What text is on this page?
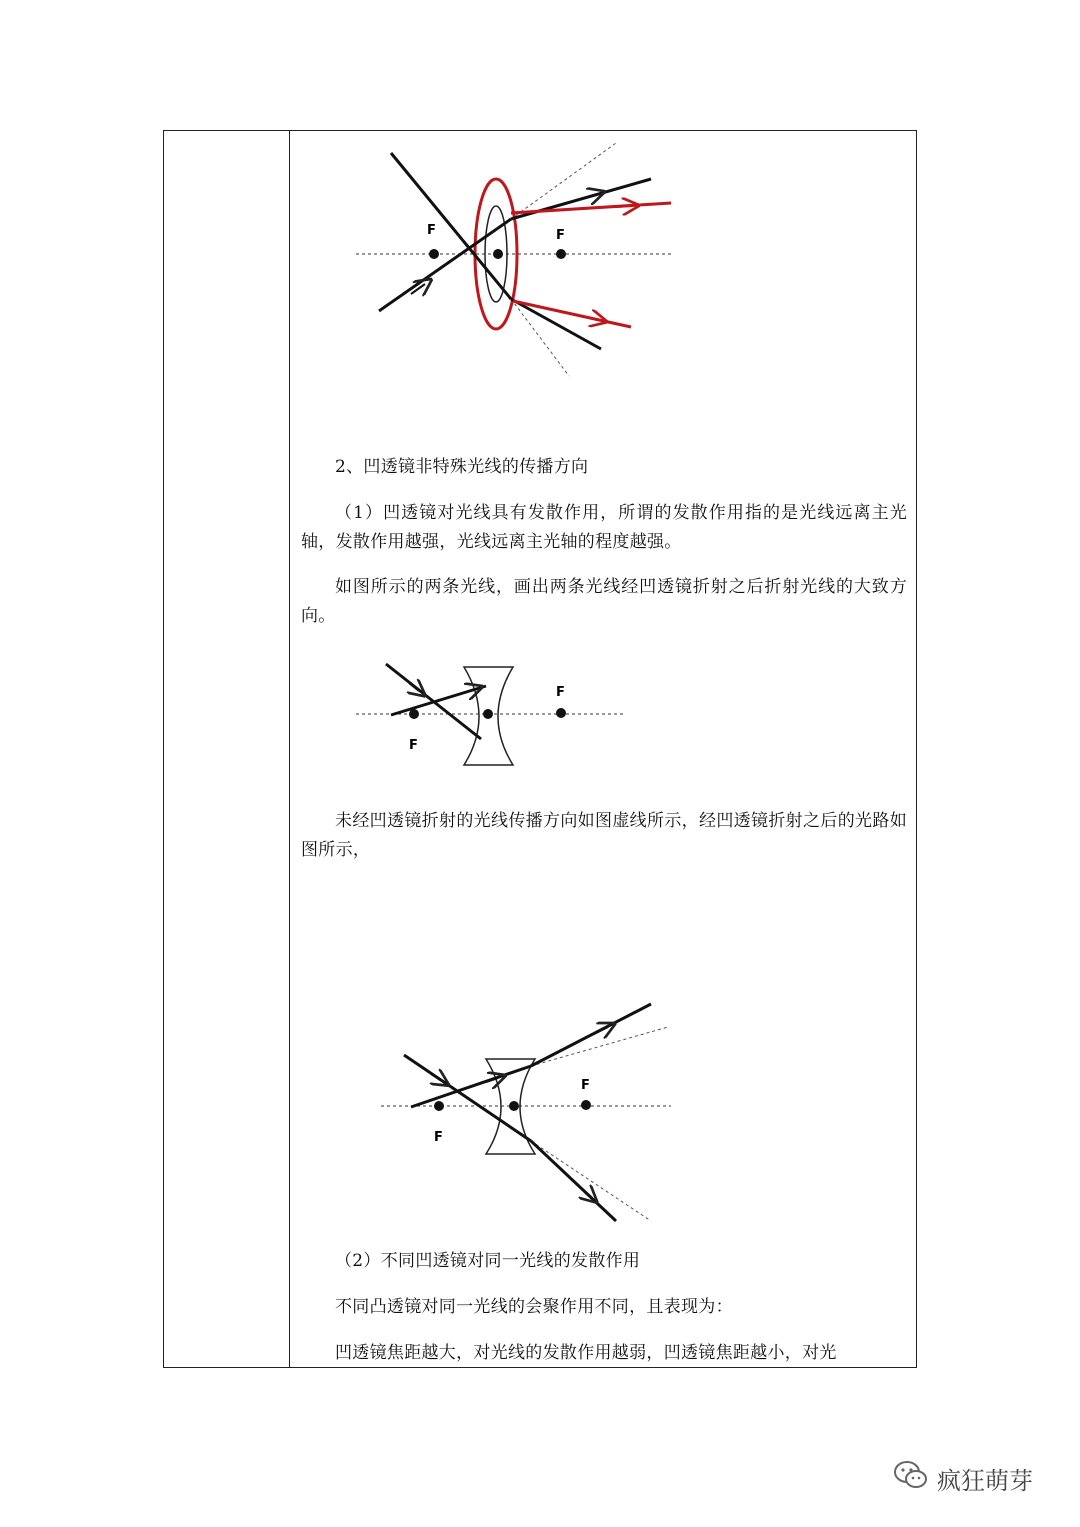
F	F

2、凹透镜非特殊光线的传播方向

（1）凹透镜对光线具有发散作用，所谓的发散作用指的是光线远离主光轴，发散作用越强，光线远离主光轴的程度越强。

如图所示的两条光线，画出两条光线经凹透镜折射之后折射光线的大致方向。

F
F

未经凹透镜折射的光线传播方向如图虚线所示，经凹透镜折射之后的光路如图所示，

F
F

（2）不同凹透镜对同一光线的发散作用

不同凸透镜对同一光线的会聚作用不同，且表现为：

凹透镜焦距越大，对光线的发散作用越弱，凹透镜焦距越小，对光

疯狂萌芽
